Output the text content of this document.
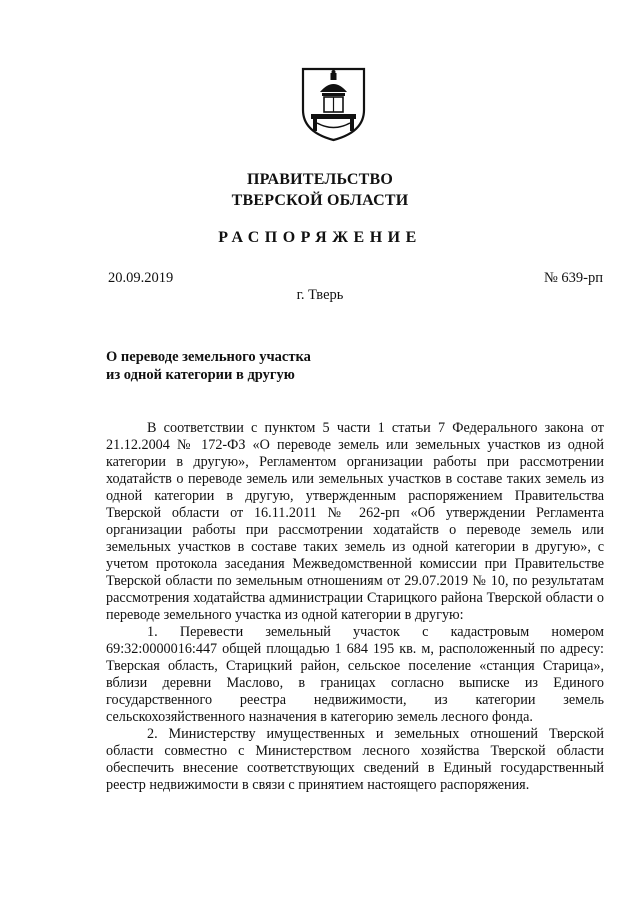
ПРАВИТЕЛЬСТВО
ТВЕРСКОЙ ОБЛАСТИ
РАСПОРЯЖЕНИЕ
20.09.2019	№ 639-рп
г. Тверь
О переводе земельного участка
из одной категории в другую

В соответствии с пунктом 5 части 1 статьи 7 Федерального закона от 21.12.2004 № 172-ФЗ «О переводе земель или земельных участков из одной категории в другую», Регламентом организации работы при рассмотрении ходатайств о переводе земель или земельных участков в составе таких земель из одной категории в другую, утвержденным распоряжением Правительства Тверской области от 16.11.2011 № 262-рп «Об утверждении Регламента организации работы при рассмотрении ходатайств о переводе земель или земельных участков в составе таких земель из одной категории в другую», с учетом протокола заседания Межведомственной комиссии при Правительстве Тверской области по земельным отношениям от 29.07.2019 № 10, по результатам рассмотрения ходатайства администрации Старицкого района Тверской области о переводе земельного участка из одной категории в другую:

1. Перевести земельный участок с кадастровым номером 69:32:0000016:447 общей площадью 1 684 195 кв. м, расположенный по адресу: Тверская область, Старицкий район, сельское поселение «станция Старица», вблизи деревни Маслово, в границах согласно выписке из Единого государственного реестра недвижимости, из категории земель сельскохозяйственного назначения в категорию земель лесного фонда.

2. Министерству имущественных и земельных отношений Тверской области совместно с Министерством лесного хозяйства Тверской области обеспечить внесение соответствующих сведений в Единый государственный реестр недвижимости в связи с принятием настоящего распоряжения.
